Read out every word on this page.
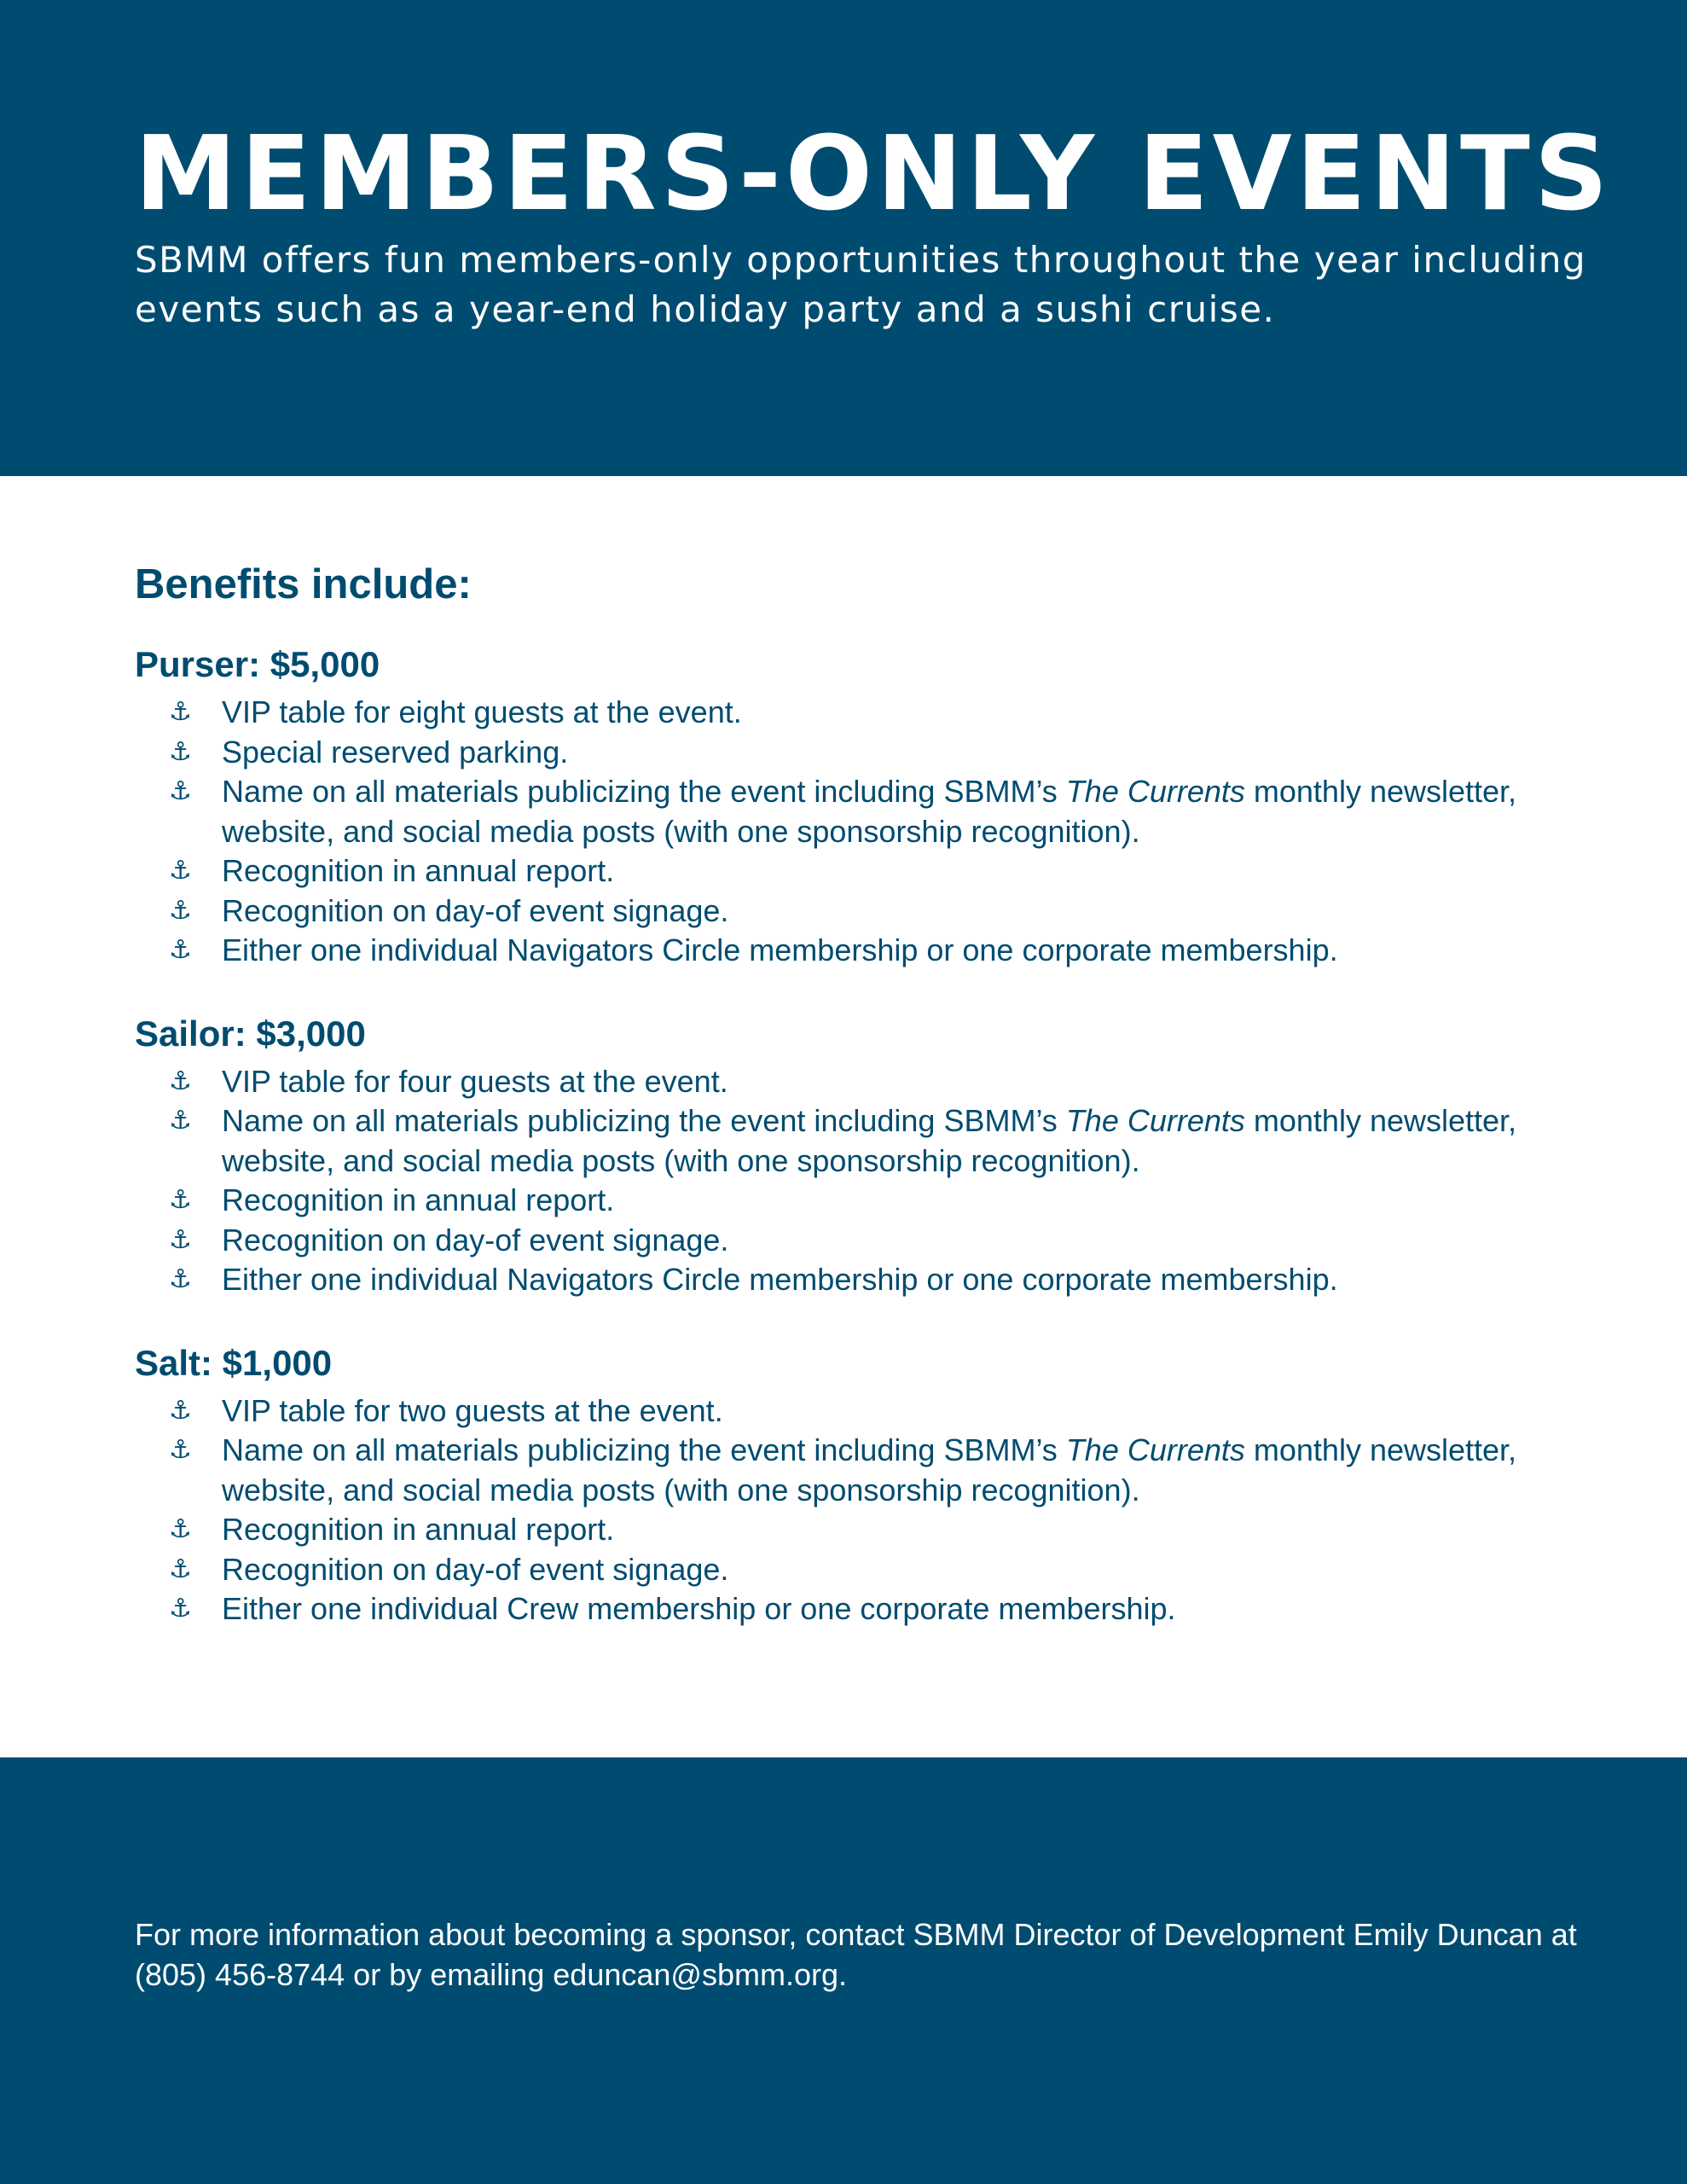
MEMBERS-ONLY EVENTS

SBMM offers fun members-only opportunities throughout the year including events such as a year-end holiday party and a sushi cruise.

Benefits include:
Purser: $5,000
⚓ VIP table for eight guests at the event.
⚓ Special reserved parking.
⚓ Name on all materials publicizing the event including SBMM’s The Currents monthly newsletter, website, and social media posts (with one sponsorship recognition).
⚓ Recognition in annual report.
⚓ Recognition on day-of event signage.
⚓ Either one individual Navigators Circle membership or one corporate membership.
Sailor: $3,000
⚓ VIP table for four guests at the event.
⚓ Name on all materials publicizing the event including SBMM’s The Currents monthly newsletter, website, and social media posts (with one sponsorship recognition).
⚓ Recognition in annual report.
⚓ Recognition on day-of event signage.
⚓ Either one individual Navigators Circle membership or one corporate membership.
Salt: $1,000
⚓ VIP table for two guests at the event.
⚓ Name on all materials publicizing the event including SBMM’s The Currents monthly newsletter, website, and social media posts (with one sponsorship recognition).
⚓ Recognition in annual report.
⚓ Recognition on day-of event signage.
⚓ Either one individual Crew membership or one corporate membership.

For more information about becoming a sponsor, contact SBMM Director of Development Emily Duncan at (805) 456-8744 or by emailing eduncan@sbmm.org.
